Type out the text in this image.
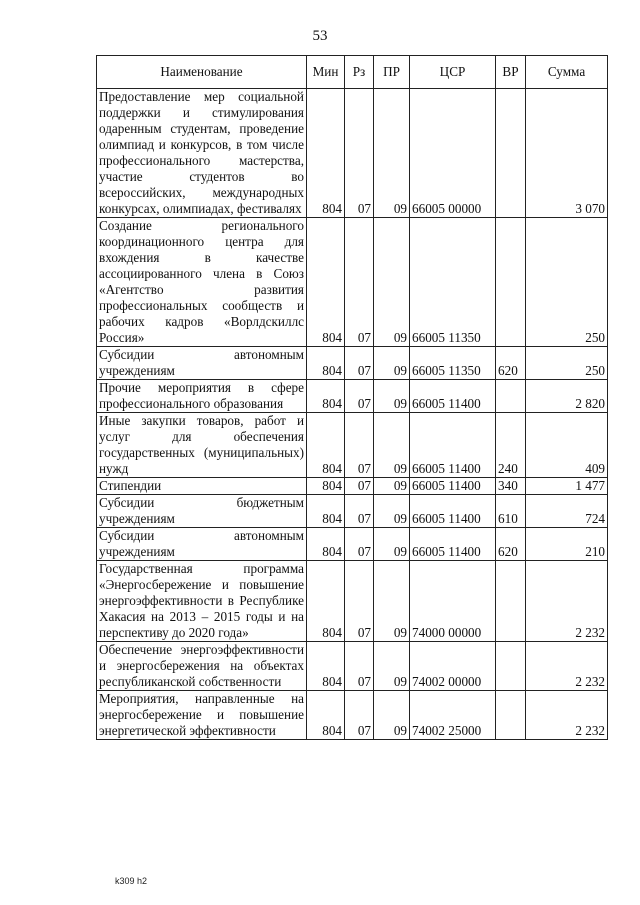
53
Наименование	Мин	Рз	ПР	ЦСР	ВР	Сумма
Предоставление мер социальной поддержки и стимулирования одаренным студентам, проведение олимпиад и конкурсов, в том числе профессионального мастерства, участие студентов во всероссийских, международных конкурсах, олимпиадах, фестивалях	804	07	09	66005 00000		3 070
Создание регионального координационного центра для вхождения в качестве ассоциированного члена в Союз «Агентство развития профессиональных сообществ и рабочих кадров «Ворлдскиллс Россия»	804	07	09	66005 11350		250
Субсидии автономным учреждениям	804	07	09	66005 11350	620	250
Прочие мероприятия в сфере профессионального образования	804	07	09	66005 11400		2 820
Иные закупки товаров, работ и услуг для обеспечения государственных (муниципальных) нужд	804	07	09	66005 11400	240	409
Стипендии	804	07	09	66005 11400	340	1 477
Субсидии бюджетным учреждениям	804	07	09	66005 11400	610	724
Субсидии автономным учреждениям	804	07	09	66005 11400	620	210
Государственная программа «Энергосбережение и повышение энергоэффективности в Республике Хакасия на 2013 – 2015 годы и на перспективу до 2020 года»	804	07	09	74000 00000		2 232
Обеспечение энергоэффективности и энергосбережения на объектах республиканской собственности	804	07	09	74002 00000		2 232
Мероприятия, направленные на энергосбережение и повышение энергетической эффективности	804	07	09	74002 25000		2 232
k309 h2
